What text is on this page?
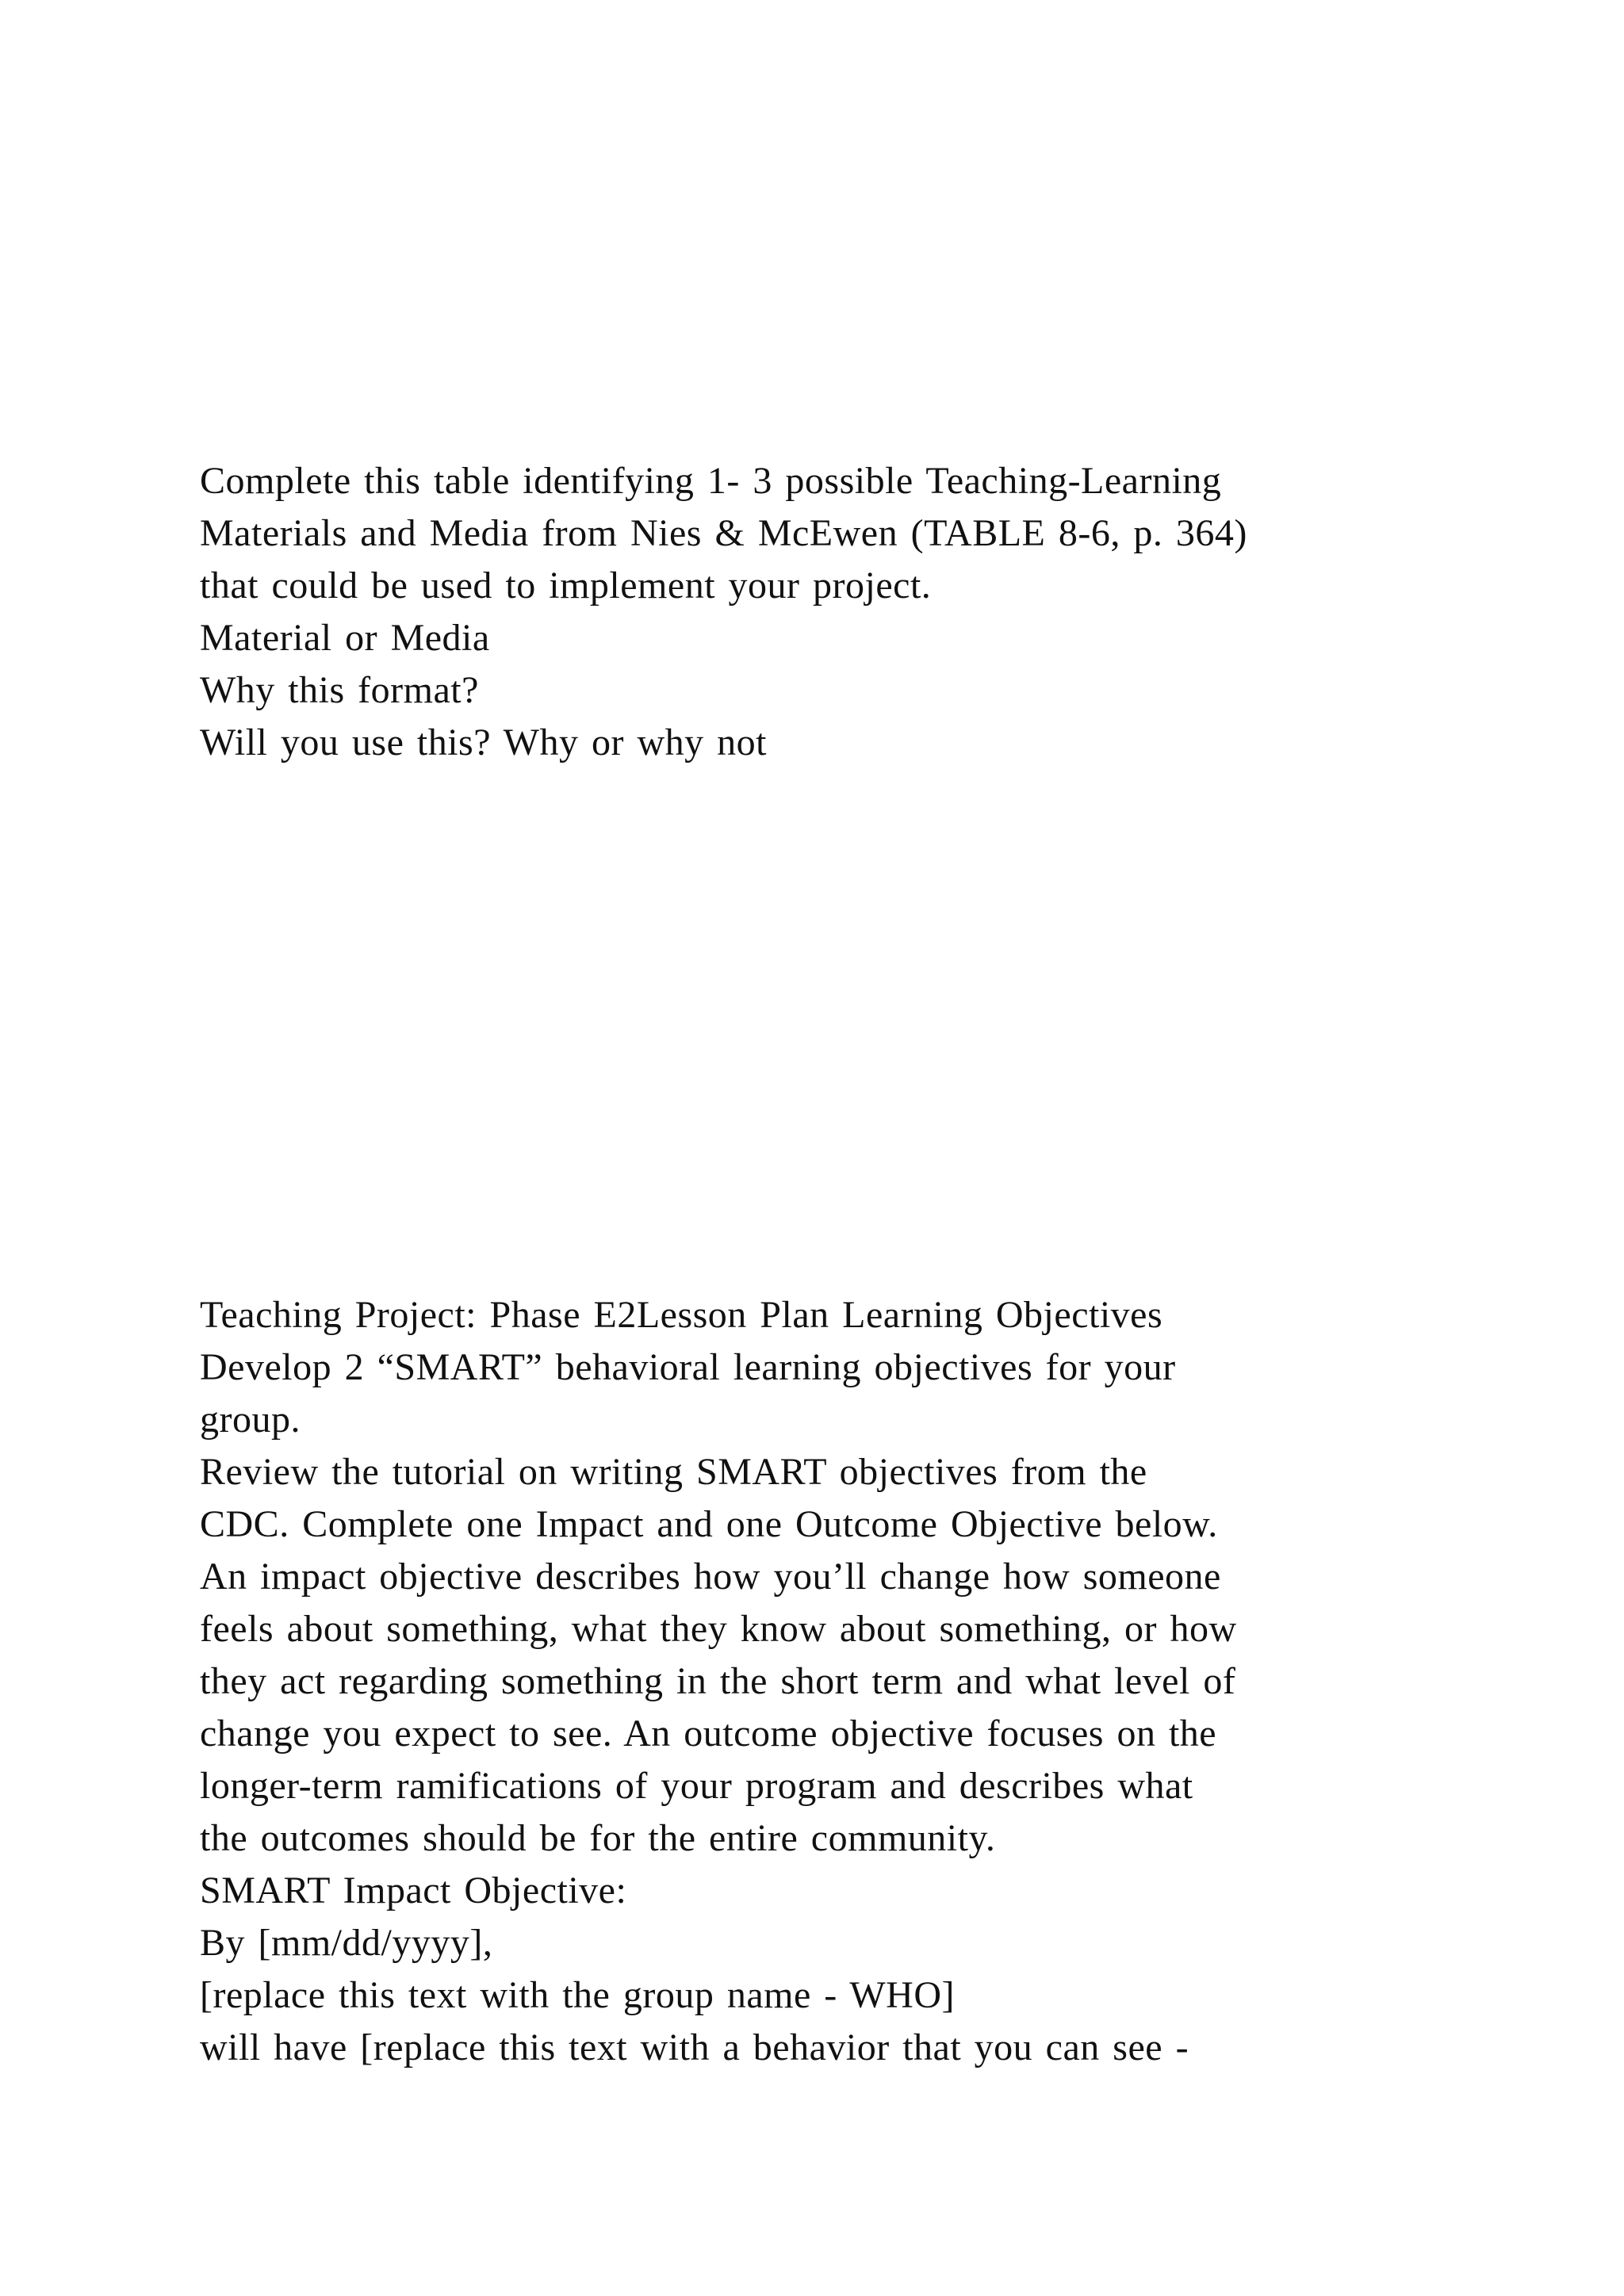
Complete this table identifying 1- 3 possible Teaching-Learning
Materials and Media from Nies & McEwen (TABLE 8-6, p. 364)
that could be used to implement your project.
Material or Media
Why this format?
Will you use this? Why or why not
Teaching Project: Phase E2Lesson Plan Learning Objectives
Develop 2 “SMART” behavioral learning objectives for your
group.
Review the tutorial on writing SMART objectives from the
CDC. Complete one Impact and one Outcome Objective below.
An impact objective describes how you’ll change how someone
feels about something, what they know about something, or how
they act regarding something in the short term and what level of
change you expect to see. An outcome objective focuses on the
longer-term ramifications of your program and describes what
the outcomes should be for the entire community.
SMART Impact Objective:
By [mm/dd/yyyy],
[replace this text with the group name - WHO]
will have [replace this text with a behavior that you can see -
